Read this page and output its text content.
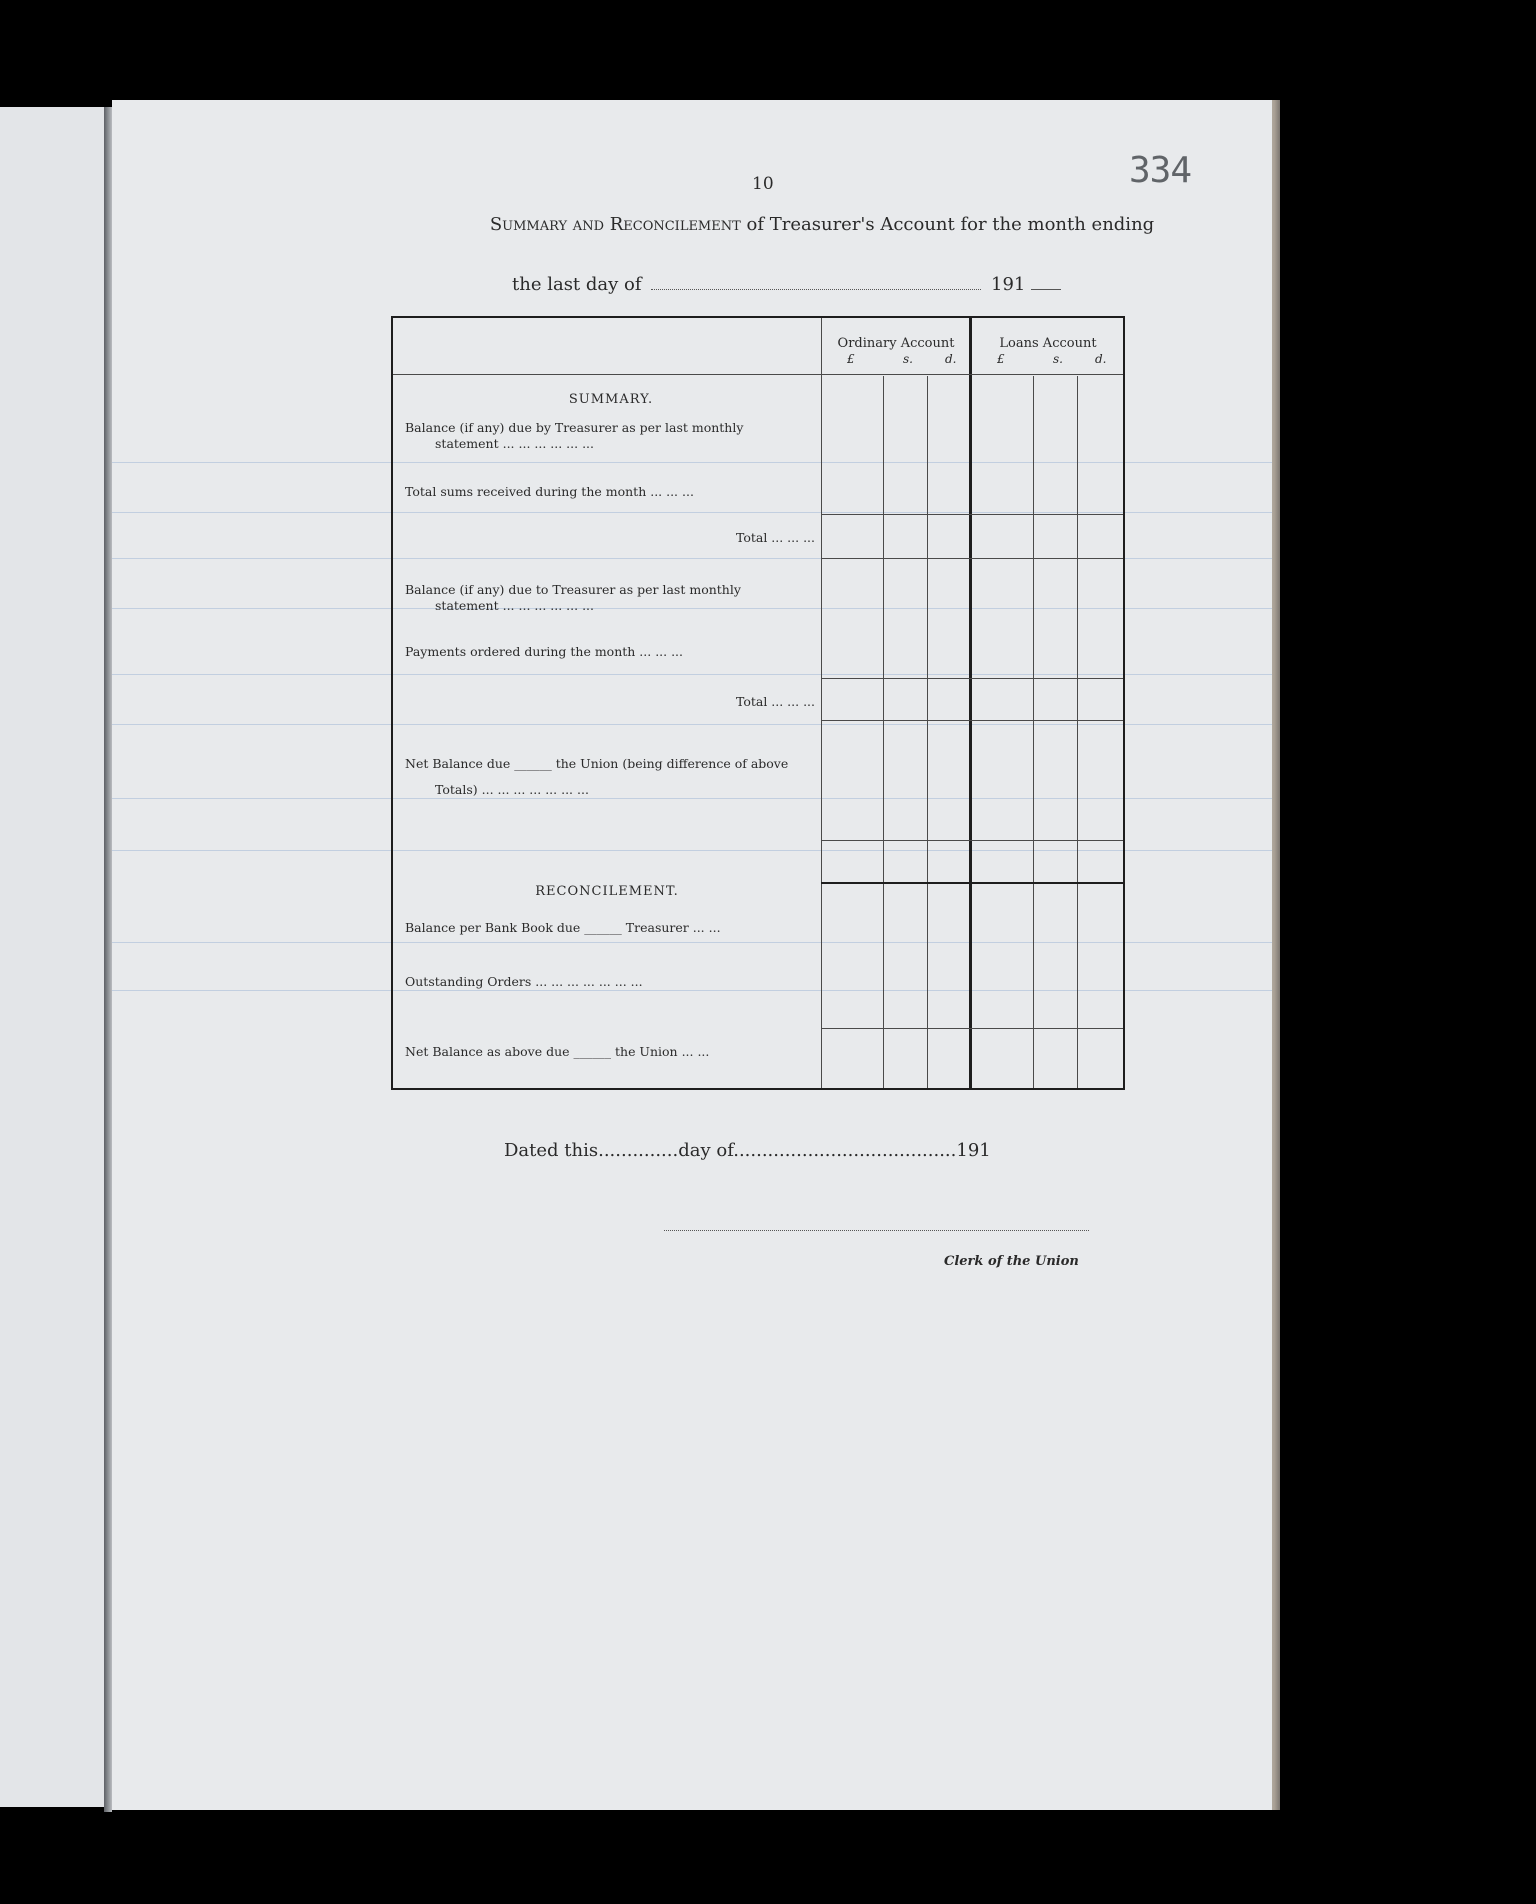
10	334
Summary and Reconcilement of Treasurer's Account for the month ending
the last day of	191
Ordinary Account	Loans Account
£	s.	d.	£	s.	d.
SUMMARY.
Balance (if any) due by Treasurer as per last monthly
statement ... ... ... ... ... ...
Total sums received during the month ... ... ...
Total ... ... ...
Balance (if any) due to Treasurer as per last monthly
statement ... ... ... ... ... ...
Payments ordered during the month ... ... ...
Total ... ... ...
Net Balance due ______ the Union (being difference of above
Totals) ... ... ... ... ... ... ...
RECONCILEMENT.
Balance per Bank Book due ______ Treasurer ... ...
Outstanding Orders ... ... ... ... ... ... ...
Net Balance as above due ______ the Union ... ...
Dated this..............day of.......................................191
Clerk of the Union
